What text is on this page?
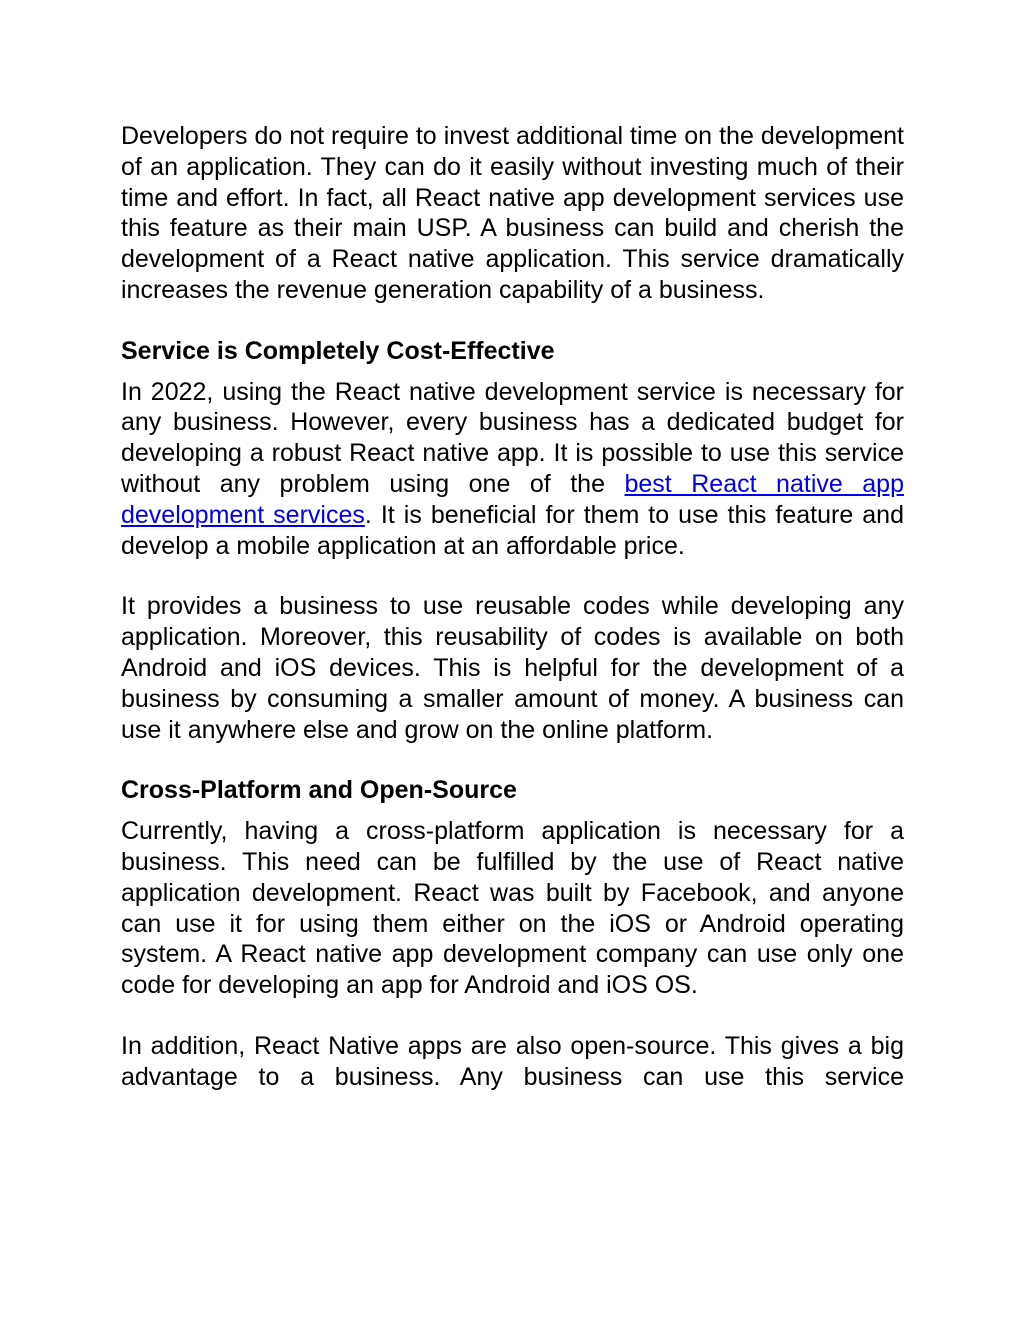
Developers do not require to invest additional time on the development of an application. They can do it easily without investing much of their time and effort. In fact, all React native app development services use this feature as their main USP. A business can build and cherish the development of a React native application. This service dramatically increases the revenue generation capability of a business.

Service is Completely Cost-Effective

In 2022, using the React native development service is necessary for any business. However, every business has a dedicated budget for developing a robust React native app. It is possible to use this service without any problem using one of the best React native app development services. It is beneficial for them to use this feature and develop a mobile application at an affordable price.

It provides a business to use reusable codes while developing any application. Moreover, this reusability of codes is available on both Android and iOS devices. This is helpful for the development of a business by consuming a smaller amount of money. A business can use it anywhere else and grow on the online platform.

Cross-Platform and Open-Source

Currently, having a cross-platform application is necessary for a business. This need can be fulfilled by the use of React native application development. React was built by Facebook, and anyone can use it for using them either on the iOS or Android operating system. A React native app development company can use only one code for developing an app for Android and iOS OS.

In addition, React Native apps are also open-source. This gives a big advantage to a business. Any business can use this service
